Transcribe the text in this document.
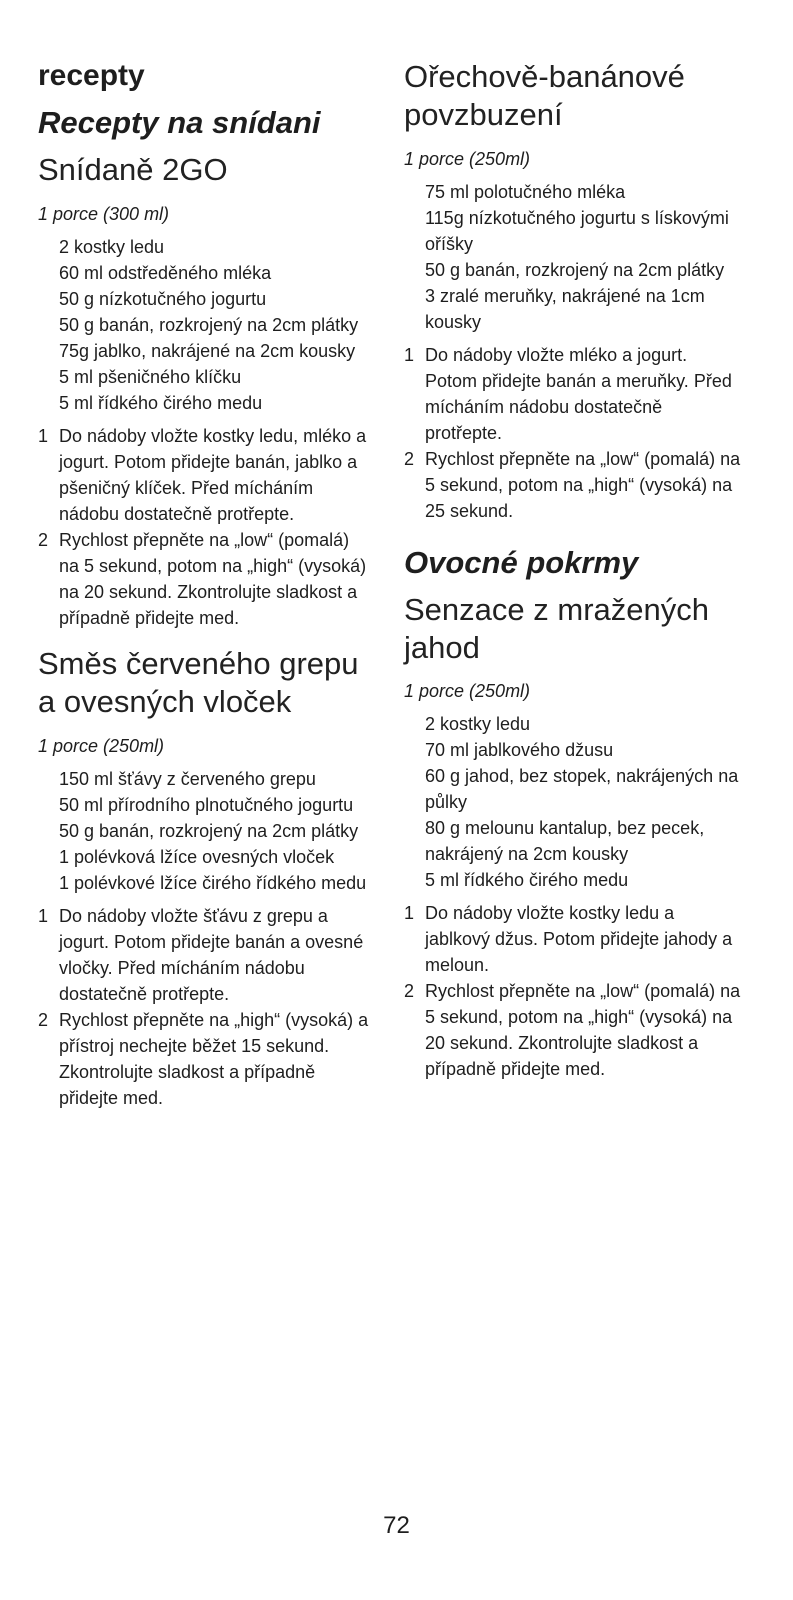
recepty
Recepty na snídani
Snídaně 2GO
1 porce (300 ml)
2 kostky ledu
60 ml odstředěného mléka
50 g nízkotučného jogurtu
50 g banán, rozkrojený na 2cm plátky
75g jablko, nakrájené na 2cm kousky
5 ml pšeničného klíčku
5 ml řídkého čirého medu
1 Do nádoby vložte kostky ledu, mléko a jogurt. Potom přidejte banán, jablko a pšeničný klíček. Před mícháním nádobu dostatečně protřepte.
2 Rychlost přepněte na „low“ (pomalá) na 5 sekund, potom na „high“ (vysoká) na 20 sekund. Zkontrolujte sladkost a případně přidejte med.
Směs červeného grepu a ovesných vloček
1 porce (250ml)
150 ml šťávy z červeného grepu
50 ml přírodního plnotučného jogurtu
50 g banán, rozkrojený na 2cm plátky
1 polévková lžíce ovesných vloček
1 polévkové lžíce čirého řídkého medu
1 Do nádoby vložte šťávu z grepu a jogurt. Potom přidejte banán a ovesné vločky. Před mícháním nádobu dostatečně protřepte.
2 Rychlost přepněte na „high“ (vysoká) a přístroj nechejte běžet 15 sekund. Zkontrolujte sladkost a případně přidejte med.
Ořechově-banánové povzbuzení
1 porce (250ml)
75 ml polotučného mléka
115g nízkotučného jogurtu s lískovými oříšky
50 g banán, rozkrojený na 2cm plátky
3 zralé meruňky, nakrájené na 1cm kousky
1 Do nádoby vložte mléko a jogurt. Potom přidejte banán a meruňky. Před mícháním nádobu dostatečně protřepte.
2 Rychlost přepněte na „low“ (pomalá) na 5 sekund, potom na „high“ (vysoká) na 25 sekund.
Ovocné pokrmy
Senzace z mražených jahod
1 porce (250ml)
2 kostky ledu
70 ml jablkového džusu
60 g jahod, bez stopek, nakrájených na půlky
80 g melounu kantalup, bez pecek, nakrájený na 2cm kousky
5 ml řídkého čirého medu
1 Do nádoby vložte kostky ledu a jablkový džus. Potom přidejte jahody a meloun.
2 Rychlost přepněte na „low“ (pomalá) na 5 sekund, potom na „high“ (vysoká) na 20 sekund. Zkontrolujte sladkost a případně přidejte med.
72
